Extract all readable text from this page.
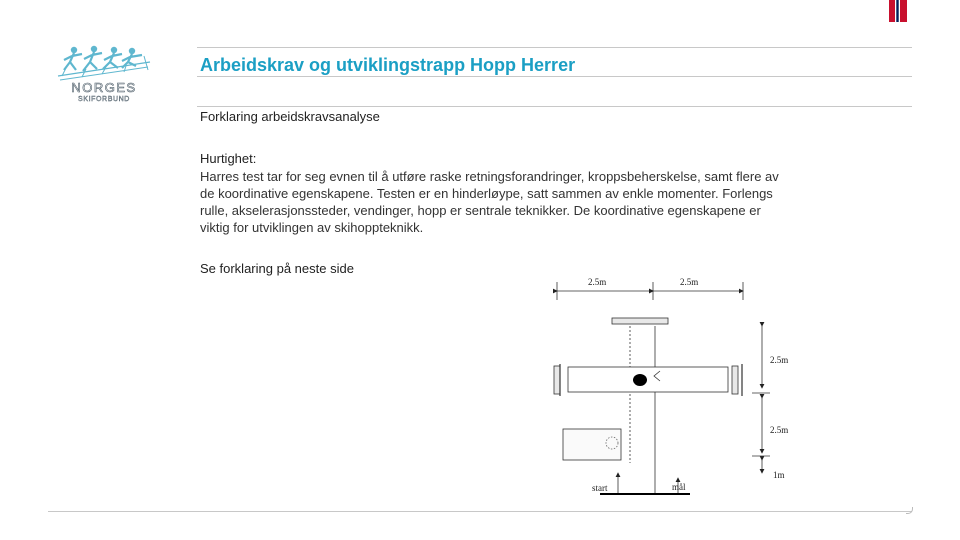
NORGES
SKIFORBUND
Arbeidskrav og utviklingstrapp Hopp Herrer
Forklaring arbeidskravsanalyse
Hurtighet:
Harres test tar for seg evnen til å utføre raske retningsforandringer, kroppsbeherskelse, samt flere av de koordinative egenskapene. Testen er en hinderløype, satt sammen av enkle momenter. Forlengs rulle, akselerasjonssteder, vendinger, hopp er sentrale teknikker. De koordinative egenskapene er viktig for utviklingen av skihoppteknikk.
Se forklaring på neste side
2.5m	2.5m
2.5m
2.5m
1m
start	mål
